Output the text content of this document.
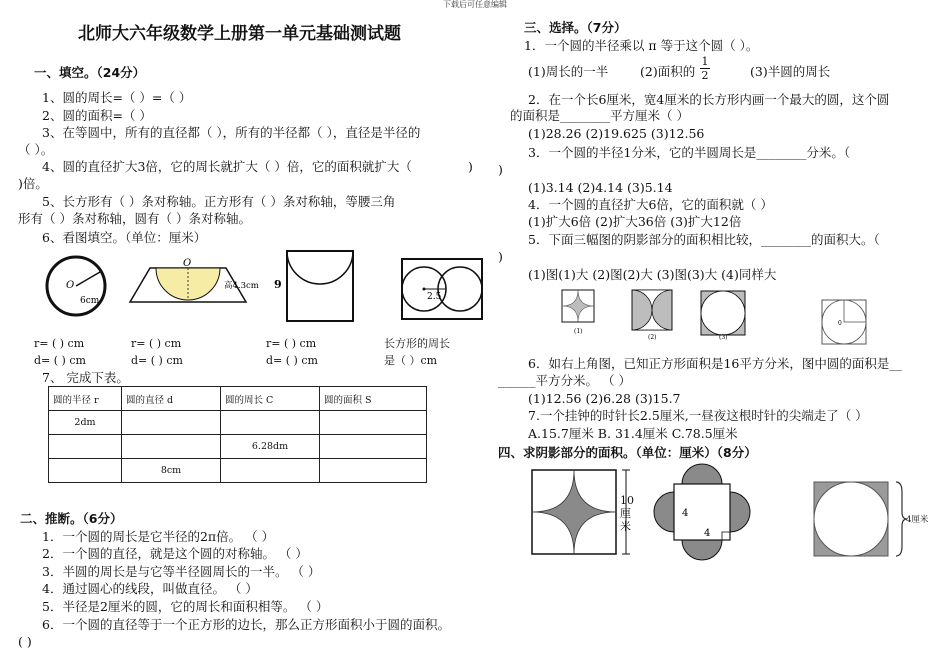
下载后可任意编辑
北师大六年级数学上册第一单元基础测试题
一、填空。（24分）
1、圆的周长=（ ）=（ ）
2、圆的面积=（ ）
3、在等圆中，所有的直径都（ ），所有的半径都（ ），直径是半径的
（ ）。
4、圆的直径扩大3倍，它的周长就扩大（ ）倍，它的面积就扩大（	)
)倍。
5、长方形有（ ）条对称轴。正方形有（ ）条对称轴，等腰三角
形有（ ）条对称轴，圆有（ ）条对称轴。
6、看图填空。（单位：厘米）
O
6cm
r= ( ) cm
d= ( ) cm
O
高4.3cm
r= ( ) cm
d= ( ) cm
9
r= ( ) cm
d= ( ) cm
2.5
长方形的周长
是（ ）cm
7、 完成下表。
圆的半径 r	圆的直径 d	圆的周长 C	圆的面积 S
2dm			
		6.28dm	
	8cm		
二、推断。（6分）
1．一个圆的周长是它半径的2π倍。 （ ）
2．一个圆的直径，就是这个圆的对称轴。 （ ）
3．半圆的周长是与它等半径圆周长的一半。 （ ）
4．通过圆心的线段，叫做直径。 （ ）
5．半径是2厘米的圆，它的周长和面积相等。 （ ）
6．一个圆的直径等于一个正方形的边长，那么正方形面积小于圆的面积。
( )
三、选择。（7分）
1．一个圆的半径乘以 π 等于这个圆（ ）。
(1)周长的一半	(2)面积的 $\frac{1}{2}$	(3)半圆的周长
2．在一个长6厘米，宽4厘米的长方形内画一个最大的圆，这个圆
的面积是________平方厘米（ ）
(1)28.26 (2)19.625 (3)12.56
3．一个圆的半径1分米，它的半圆周长是________分米。（
)
(1)3.14 (2)4.14 (3)5.14
4．一个圆的直径扩大6倍，它的面积就（ ）
(1)扩大6倍 (2)扩大36倍 (3)扩大12倍
5．下面三幅图的阴影部分的面积相比较，________的面积大。（
)
(1)图(1)大 (2)图(2)大 (3)图(3)大 (4)同样大
(1)
(2)	(3)
0
6．如右上角图，已知正方形面积是16平方分米，图中圆的面积是__
______平方分米。 （ ）
(1)12.56 (2)6.28 (3)15.7
7.一个挂钟的时针长2.5厘米,一昼夜这根时针的尖端走了（ ）
A.15.7厘米 B. 31.4厘米 C.78.5厘米
四、求阴影部分的面积。（单位：厘米）（8分）
10厘米
4
4
4厘米
